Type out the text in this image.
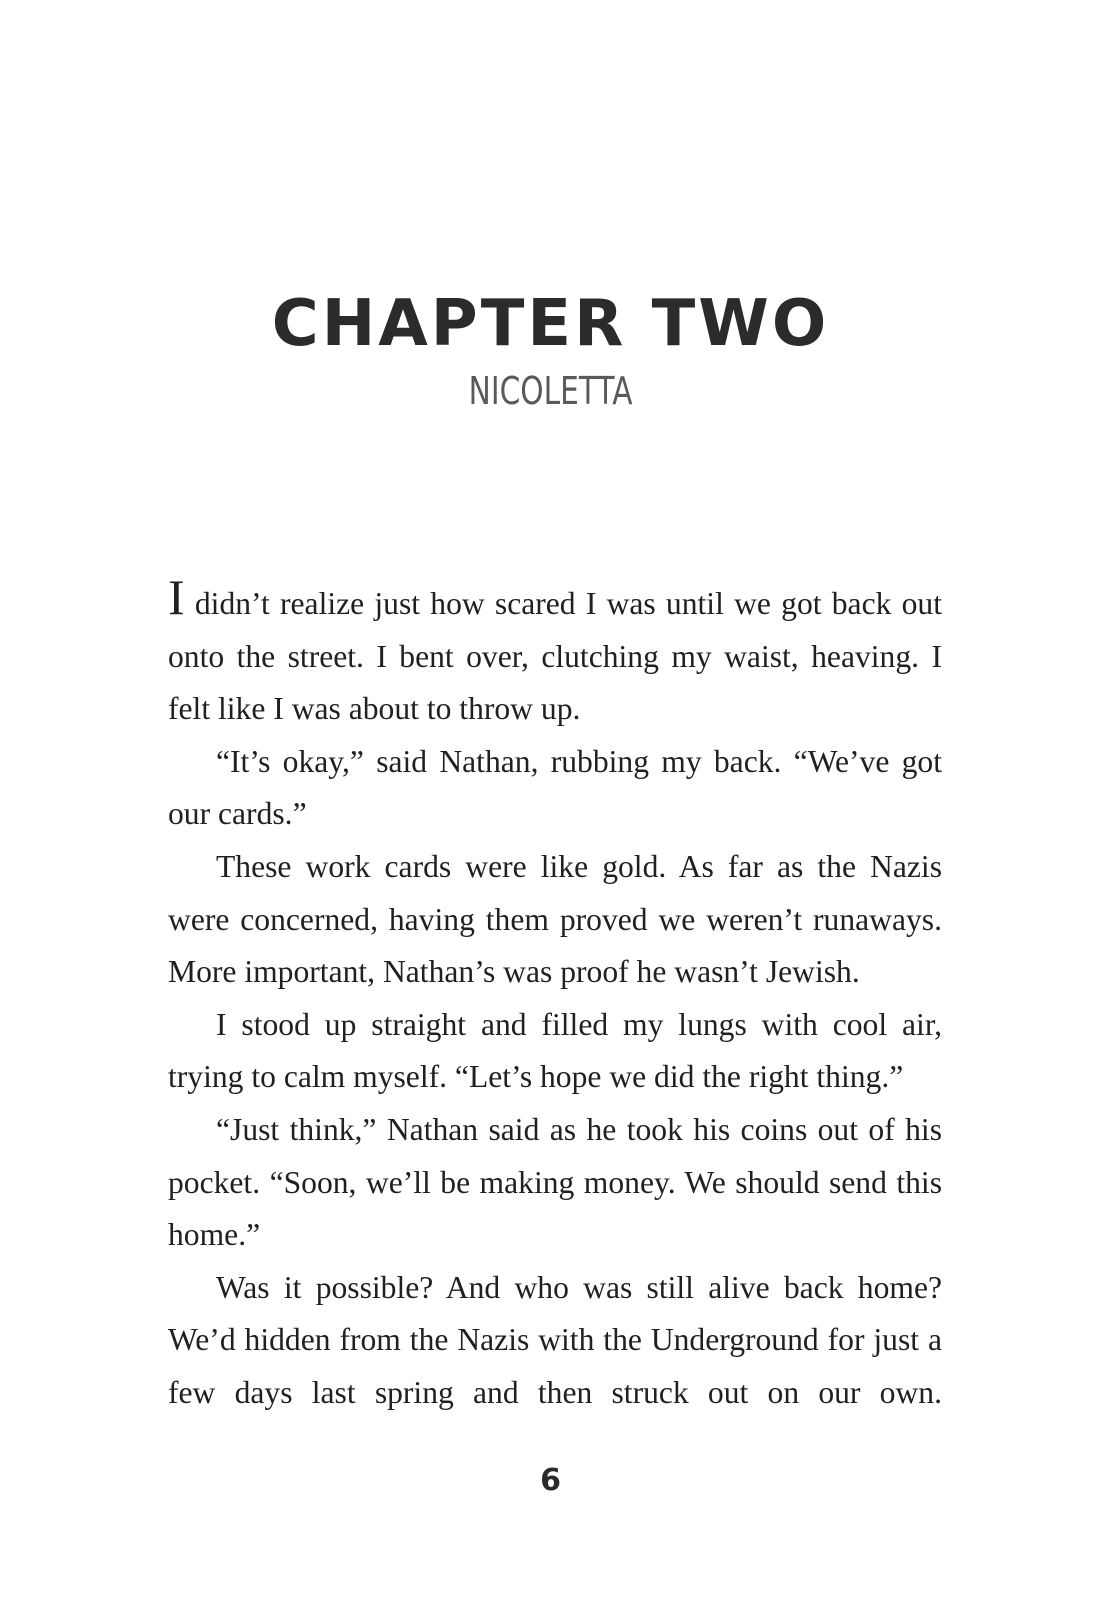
CHAPTER TWO
NICOLETTA

I didn’t realize just how scared I was until we got back out onto the street. I bent over, clutching my waist, heaving. I felt like I was about to throw up.

“It’s okay,” said Nathan, rubbing my back. “We’ve got our cards.”

These work cards were like gold. As far as the Nazis were concerned, having them proved we weren’t runaways. More important, Nathan’s was proof he wasn’t Jewish.

I stood up straight and filled my lungs with cool air, trying to calm myself. “Let’s hope we did the right thing.”

“Just think,” Nathan said as he took his coins out of his pocket. “Soon, we’ll be making money. We should send this home.”

Was it possible? And who was still alive back home? We’d hidden from the Nazis with the Underground for just a few days last spring and then struck out on our own.

6
